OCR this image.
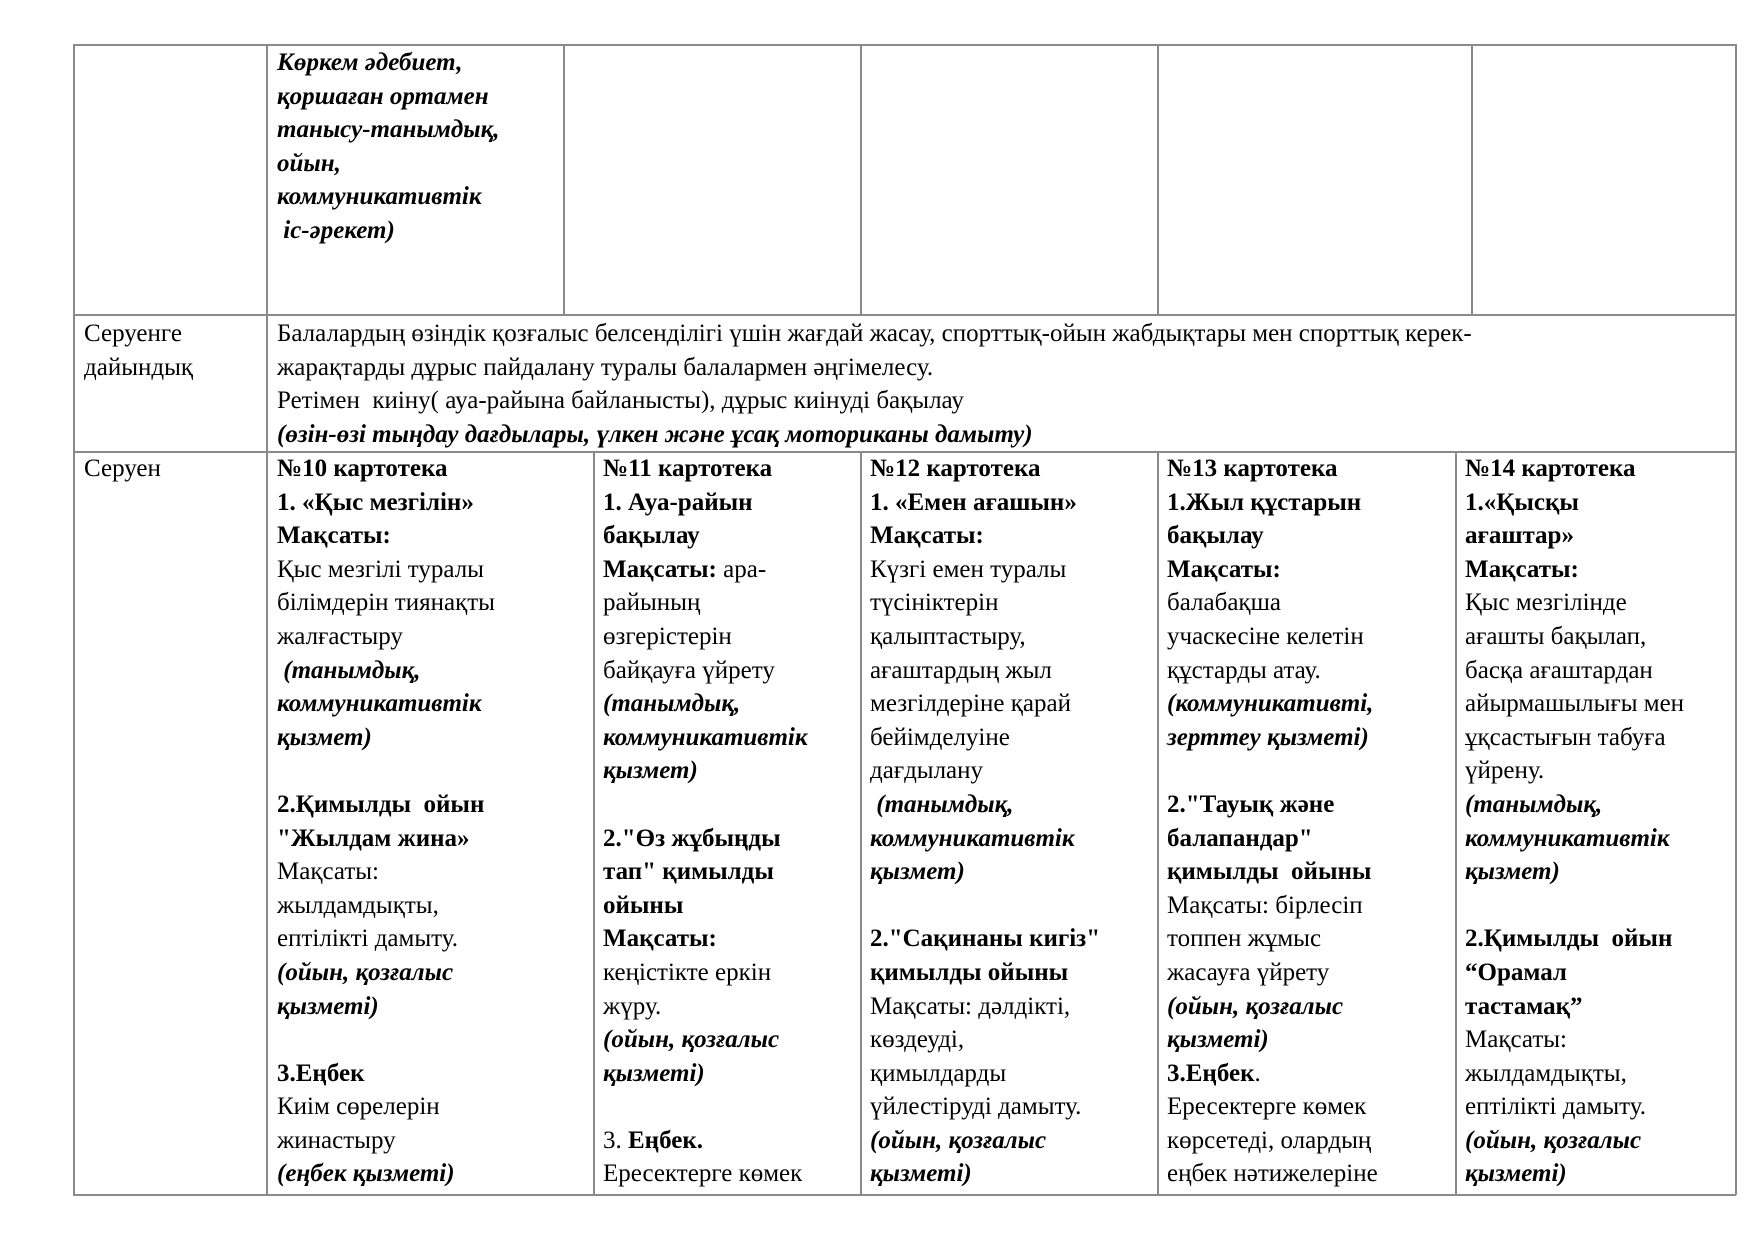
Көркем әдебиет,

қоршаған ортамен

танысу-танымдық,

ойын,

коммуникативтік

іс-әрекет)

Серуенге

дайындық

Балалардың өзіндік қозғалыс белсенділігі үшін жағдай жасау, спорттық-ойын жабдықтары мен спорттық керек-

жарақтарды дұрыс пайдалану туралы балалармен әңгімелесу.

Ретімен  киіну( ауа-райына байланысты), дұрыс киінуді бақылау

(өзін-өзі тыңдау дағдылары, үлкен және ұсақ моториканы дамыту)

Серуен	№10 картотека

1. «Қыс мезгілін»

Мақсаты:

Қыс мезгілі туралы

білімдерін тиянақты

жалғастыру

(танымдық,

коммуникативтік

қызмет)

2.Қимылды  ойын

"Жылдам жина»

Мақсаты:

жылдамдықты,

ептілікті дамыту.

(ойын, қозғалыс

қызметі)

3.Еңбек

Киім сөрелерін

жинастыру

(еңбек қызметі)

№11 картотека

1. Ауа-райын

бақылау

Мақсаты: ара-

райының

өзгерістерін

байқауға үйрету

(танымдық,

коммуникативтік

қызмет)

2."Өз жұбыңды

тап" қимылды

ойыны

Мақсаты:

кеңістікте еркін

жүру.

(ойын, қозғалыс

қызметі)

3. Еңбек.

Ересектерге көмек

№12 картотека

1. «Емен ағашын»

Мақсаты:

Күзгі емен туралы

түсініктерін

қалыптастыру,

ағаштардың жыл

мезгілдеріне қарай

бейімделуіне

дағдылану

(танымдық,

коммуникативтік

қызмет)

2."Сақинаны кигіз"

қимылды ойыны

Мақсаты: дәлдікті,

көздеуді,

қимылдарды

үйлестіруді дамыту.

(ойын, қозғалыс

қызметі)

№13 картотека

1.Жыл құстарын

бақылау

Мақсаты:

балабақша

учаскесіне келетін

құстарды атау.

(коммуникативті,

зерттеу қызметі)

2."Тауық және

балапандар"

қимылды  ойыны

Мақсаты: бірлесіп

топпен жұмыс

жасауға үйрету

(ойын, қозғалыс

қызметі)

3.Еңбек.

Ересектерге көмек

көрсетеді, олардың

еңбек нәтижелеріне

№14 картотека

1.«Қысқы

ағаштар»

Мақсаты:

Қыс мезгілінде

ағашты бақылап,

басқа ағаштардан

айырмашылығы мен

ұқсастығын табуға

үйрену.

(танымдық,

коммуникативтік

қызмет)

2.Қимылды  ойын

“Орамал

тастамақ”

Мақсаты:

жылдамдықты,

ептілікті дамыту.

(ойын, қозғалыс

қызметі)
